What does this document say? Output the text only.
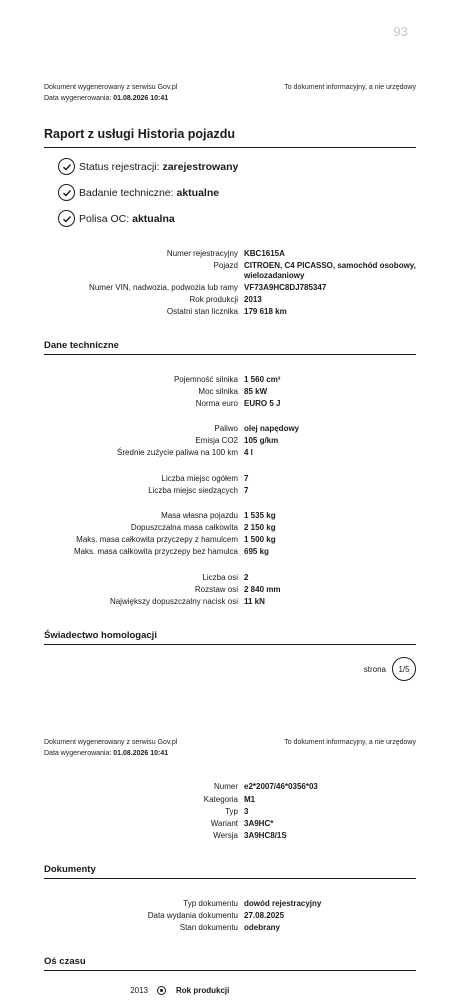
93
Dokument wygenerowany z serwisu Gov.pl	To dokument informacyjny, a nie urzędowy
Data wygenerowania: 01.08.2026 10:41
Raport z usługi Historia pojazdu
Status rejestracji:
zarejestrowany
Badanie techniczne:
aktualne
Polisa OC:
aktualna
Numer rejestracyjny KBC1615A
Pojazd CITROEN, C4 PICASSO, samochód osobowy, wielozadaniowy
Numer VIN, nadwozia, podwozia lub ramy VF73A9HC8DJ785347
Rok produkcji 2013
Ostatni stan licznika 179 618 km
Dane techniczne
Pojemność silnika 1 560 cm³
Moc silnika 85 kW
Norma euro EURO 5 J
Paliwo olej napędowy
Emisja CO2 105 g/km
Średnie zużycie paliwa na 100 km 4 l
Liczba miejsc ogółem 7
Liczba miejsc siedzących 7
Masa własna pojazdu 1 535 kg
Dopuszczalna masa całkowita 2 150 kg
Maks. masa całkowita przyczepy z hamulcem 1 500 kg
Maks. masa całkowita przyczepy bez hamulca 695 kg
Liczba osi 2
Rozstaw osi 2 840 mm
Największy dopuszczalny nacisk osi 11 kN
Świadectwo homologacji
strona	1/5
Dokument wygenerowany z serwisu Gov.pl	To dokument informacyjny, a nie urzędowy
Data wygenerowania: 01.08.2026 10:41
Numer e2*2007/46*0356*03
Kategoria M1
Typ 3
Wariant 3A9HC*
Wersja 3A9HC8/1S
Dokumenty
Typ dokumentu dowód rejestracyjny
Data wydania dokumentu 27.08.2025
Stan dokumentu odebrany
Oś czasu
2013	Rok produkcji
